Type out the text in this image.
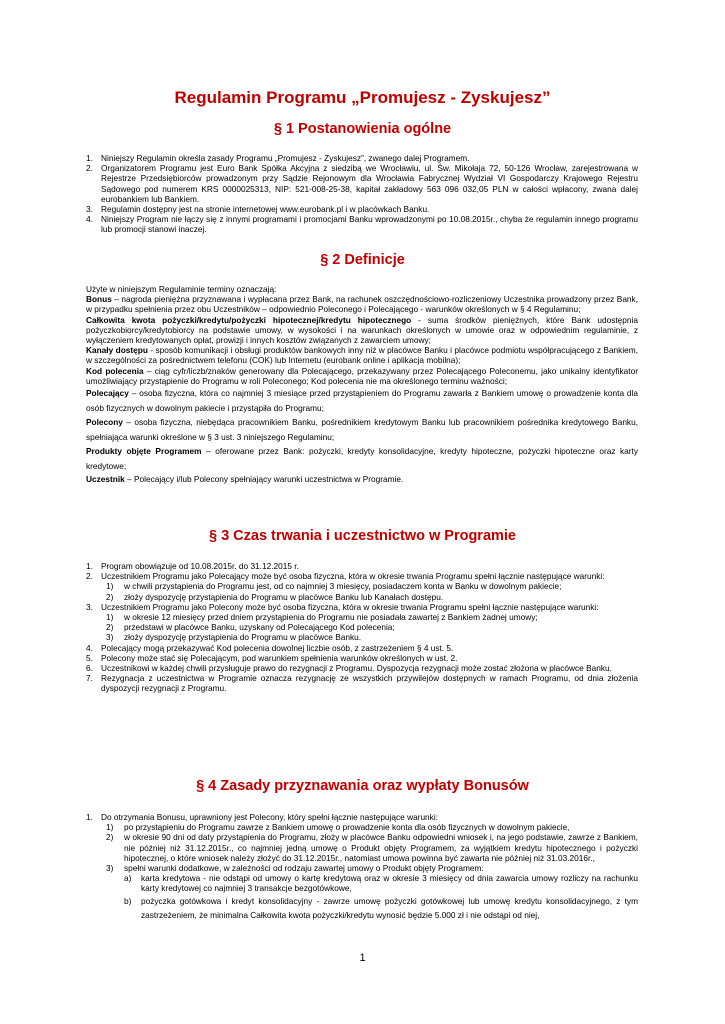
Regulamin Programu „Promujesz - Zyskujesz”
§ 1 Postanowienia ogólne
1. Niniejszy Regulamin określa zasady Programu „Promujesz - Zyskujesz”, zwanego dalej Programem.
2. Organizatorem Programu jest Euro Bank Spółka Akcyjna z siedzibą we Wrocławiu, ul. Św. Mikołaja 72, 50-126 Wrocław, zarejestrowana w Rejestrze Przedsiębiorców prowadzonym przy Sądzie Rejonowym dla Wrocławia Fabrycznej Wydział VI Gospodarczy Krajowego Rejestru Sądowego pod numerem KRS 0000025313, NIP: 521-008-25-38, kapitał zakładowy 563 096 032,05 PLN w całości wpłacony, zwana dalej eurobankiem lub Bankiem.
3. Regulamin dostępny jest na stronie internetowej www.eurobank.pl i w placówkach Banku.
4. Niniejszy Program nie łączy się z innymi programami i promocjami Banku wprowadzonymi po 10.08.2015r., chyba że regulamin innego programu lub promocji stanowi inaczej.
§ 2 Definicje

Użyte w niniejszym Regulaminie terminy oznaczają:

Bonus – nagroda pieniężna przyznawana i wypłacana przez Bank, na rachunek oszczędnościowo-rozliczeniowy Uczestnika prowadzony przez Bank, w przypadku spełnienia przez obu Uczestników – odpowiednio Poleconego i Polecającego - warunków określonych w § 4 Regulaminu;

Całkowita kwota pożyczki/kredytu/pożyczki hipotecznej/kredytu hipotecznego - suma środków pieniężnych, które Bank udostępnia pożyczkobiorcy/kredytobiorcy na podstawie umowy, w wysokości i na warunkach określonych w umowie oraz w odpowiednim regulaminie, z wyłączeniem kredytowanych opłat, prowizji i innych kosztów związanych z zawarciem umowy;

Kanały dostępu - sposób komunikacji i obsługi produktów bankowych inny niż w placówce Banku i placówce podmiotu współpracującego z Bankiem, w szczególności za pośrednictwem telefonu (COK) lub Internetu (eurobank online i aplikacja mobilna);

Kod polecenia – ciąg cyfr/liczb/znaków generowany dla Polecającego, przekazywany przez Polecającego Poleconemu, jako unikalny identyfikator umożliwiający przystąpienie do Programu w roli Poleconego; Kod polecenia nie ma określonego terminu ważności;

Polecający – osoba fizyczna, która co najmniej 3 miesiące przed przystąpieniem do Programu zawarła z Bankiem umowę o prowadzenie konta dla osób fizycznych w dowolnym pakiecie i przystąpiła do Programu;

Polecony – osoba fizyczna, niebędąca pracownikiem Banku, pośrednikiem kredytowym Banku lub pracownikiem pośrednika kredytowego Banku, spełniająca warunki określone w § 3 ust. 3 niniejszego Regulaminu;

Produkty objęte Programem – oferowane przez Bank: pożyczki, kredyty konsolidacyjne, kredyty hipoteczne, pożyczki hipoteczne oraz karty kredytowe;

Uczestnik – Polecający i/lub Polecony spełniający warunki uczestnictwa w Programie.

§ 3 Czas trwania i uczestnictwo w Programie
1. Program obowiązuje od 10.08.2015r. do 31.12.2015 r.
2. Uczestnikiem Programu jako Polecający może być osoba fizyczna, która w okresie trwania Programu spełni łącznie następujące warunki:
1) w chwili przystąpienia do Programu jest, od co najmniej 3 miesięcy, posiadaczem konta w Banku w dowolnym pakiecie;
2) złoży dyspozycję przystąpienia do Programu w placówce Banku lub Kanałach dostępu.
3. Uczestnikiem Programu jako Polecony może być osoba fizyczna, która w okresie trwania Programu spełni łącznie następujące warunki:
1) w okresie 12 miesięcy przed dniem przystąpienia do Programu nie posiadała zawartej z Bankiem żadnej umowy;
2) przedstawi w placówce Banku, uzyskany od Polecającego Kod polecenia;
3) złoży dyspozycję przystąpienia do Programu w placówce Banku.
4. Polecający mogą przekazywać Kod polecenia dowolnej liczbie osób, z zastrzeżeniem § 4 ust. 5.
5. Polecony może stać się Polecającym, pod warunkiem spełnienia warunków określonych w ust. 2.
6. Uczestnikowi w każdej chwili przysługuje prawo do rezygnacji z Programu. Dyspozycja rezygnacji może zostać złożona w placówce Banku.
7. Rezygnacja z uczestnictwa w Programie oznacza rezygnację ze wszystkich przywilejów dostępnych w ramach Programu, od dnia złożenia dyspozycji rezygnacji z Programu.
§ 4 Zasady przyznawania oraz wypłaty Bonusów
1. Do otrzymania Bonusu, uprawniony jest Polecony, który spełni łącznie następujące warunki:
1) po przystąpieniu do Programu zawrze z Bankiem umowę o prowadzenie konta dla osób fizycznych w dowolnym pakiecie,
2) w okresie 90 dni od daty przystąpienia do Programu, złoży w placówce Banku odpowiedni wniosek i, na jego podstawie, zawrze z Bankiem, nie później niż 31.12.2015r., co najmniej jedną umowę o Produkt objęty Programem, za wyjątkiem kredytu hipotecznego i pożyczki hipotecznej, o które wniosek należy złożyć do 31.12.2015r., natomiast umowa powinna być zawarta nie później niż 31.03.2016r.,
3) spełni warunki dodatkowe, w zależności od rodzaju zawartej umowy o Produkt objęty Programem:
a) karta kredytowa - nie odstąpi od umowy o kartę kredytową oraz w okresie 3 miesięcy od dnia zawarcia umowy rozliczy na rachunku karty kredytowej co najmniej 3 transakcje bezgotówkowe,
b) pożyczka gotówkowa i kredyt konsolidacyjny - zawrze umowę pożyczki gotówkowej lub umowę kredytu konsolidacyjnego, z tym zastrzeżeniem, że minimalna Całkowita kwota pożyczki/kredytu wynosić będzie 5.000 zł i nie odstąpi od niej,
1
